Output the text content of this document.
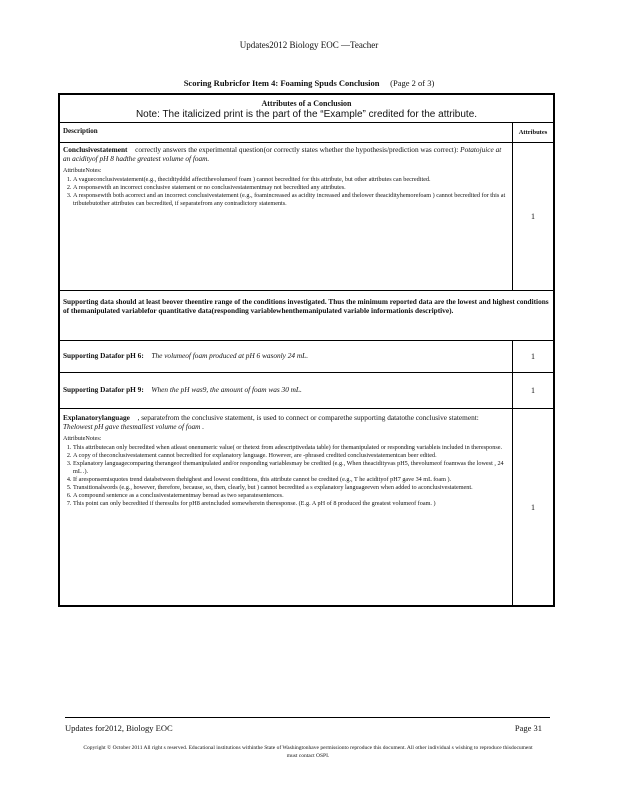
Updates2012 Biology EOC —Teacher
Scoring Rubricfor Item 4: Foaming Spuds Conclusion (Page 2 of 3)
Attributes of a Conclusion
Note: The italicized print is the part of the “Example” credited for the attribute.
Description	Attributes
Conclusivestatement correctly answers the experimental question(or correctly states whether the hypothesis/prediction was correct): Potatojuice at an acidityof pH 8 hadthe greatest volume of foam.
AttributeNotes:
1. A vagueconclusivestatement(e.g., thecidityddid affectthevolumeof foam ) cannot becredited for this attribute, but other attributes can becredited.
2. A responsewith an incorrect conclusive statement or no conclusivestatementmay not becredited any attributes.
3. A responsewith both acorrect and an incorrect conclusivestatement (e.g., foamincreased as acidity increased and thelower theacidityhemorefoam ) cannot becredited for this at tributebutother attributes can becredited, if separatefrom any contradictory statements.
1
Supporting data should at least beover theentire range of the conditions investigated. Thus the minimum reported data are the lowest and highest conditions of themanipulated variablefor quantitative data(responding variablewhenthemanipulated variable informationis descriptive).
Supporting Datafor pH 6: The volumeof foam produced at pH 6 wasonly 24 mL.	1
Supporting Datafor pH 9: When the pH was9, the amount of foam was 30 mL.	1
Explanatorylanguage , separatefrom the conclusive statement, is used to connect or comparethe supporting datatothe conclusive statement: Thelowest pH gave thesmallest volume of foam .
AttributeNotes:
1. This attributecan only becredited when atleast onenumeric value( or thetext from adescriptivedata table) for themanipulated or responding variableis included in theresponse.
2. A copy of theconclusivestatement cannot becredited for explanatory language. However, are -phrased credited conclusivestatementcan beer edited.
3. Explanatory languagecomparing therangeof themanipulated and/or responding variablesmay be credited (e.g., When theacidityvas pH5, thevolumeof foamwas the lowest , 24 mL .).
4. If aresponsemisquotes trend databetween thehighest and lowest conditions, this attribute cannot be credited (e.g., T he acidityof pH7 gave 34 mL foam ).
5. Transitionalwords (e.g., however, therefore, because, so, then, clearly, but ) cannot becredited a s explanatory languageeven when added to aconclusivestatement.
6. A compound sentence as a conclusivestatementmay beread as two separatesentences.
7. This point can only becredited if theresults for pH8 areincluded somewherein theresponse. (E.g. A pH of 8 produced the greatest volumeof foam. )	1
Updates for2012, Biology EOC	Page 31
Copyright © October 2011 All right s reserved. Educational institutions withinthe State of Washingtonhave permissionto reproduce this document. All other individual s wishing to reproduce thisdocument must contact OSPI.
